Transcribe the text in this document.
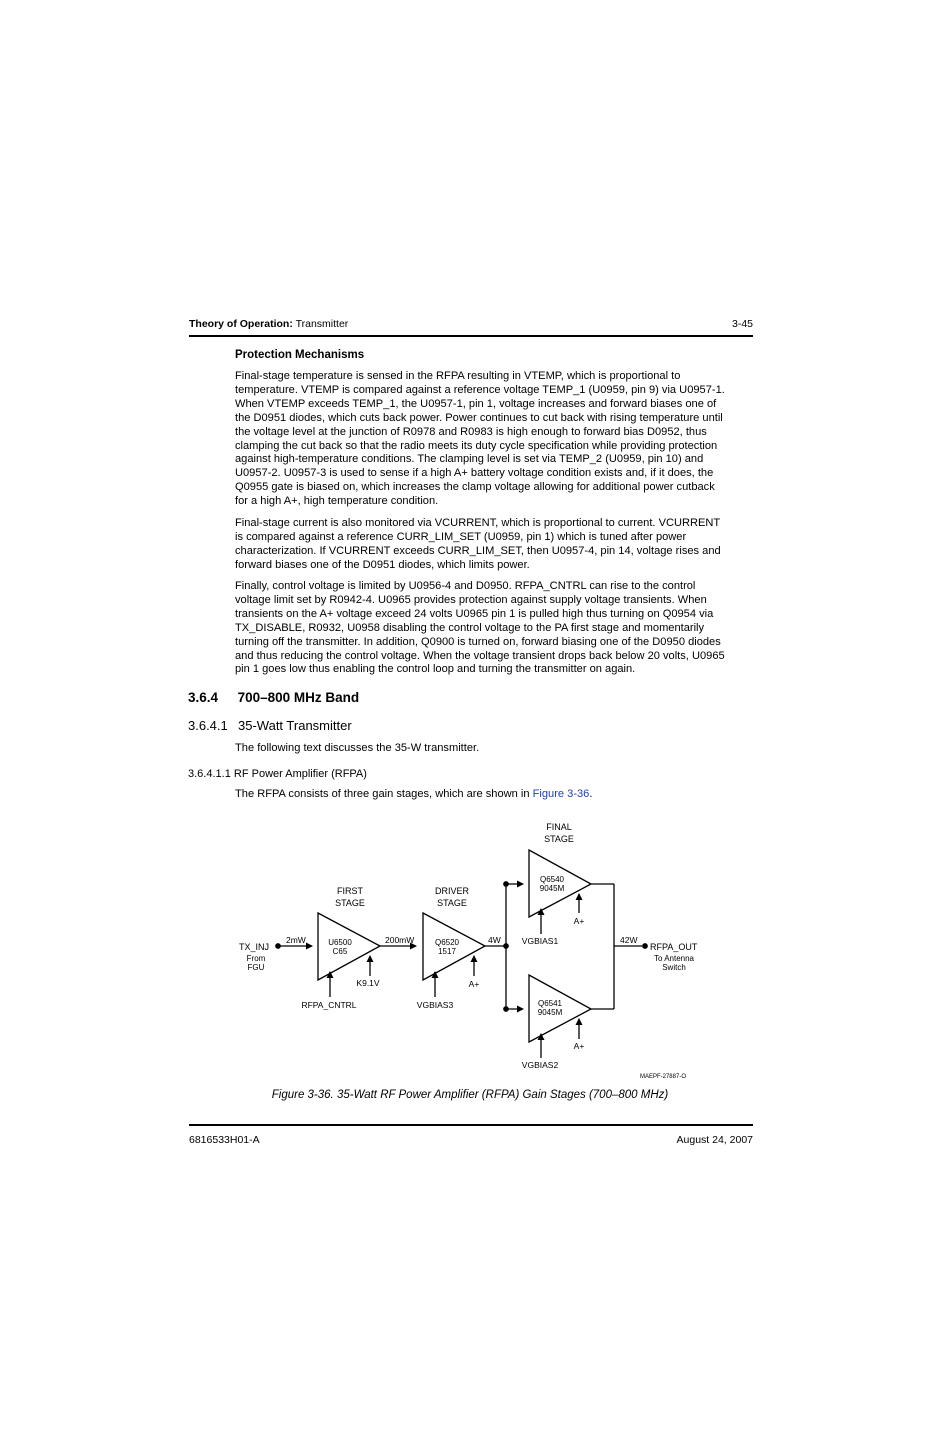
Theory of Operation: Transmitter	3-45
Protection Mechanisms
Final-stage temperature is sensed in the RFPA resulting in VTEMP, which is proportional to
temperature. VTEMP is compared against a reference voltage TEMP_1 (U0959, pin 9) via U0957-1.
When VTEMP exceeds TEMP_1, the U0957-1, pin 1, voltage increases and forward biases one of
the D0951 diodes, which cuts back power. Power continues to cut back with rising temperature until
the voltage level at the junction of R0978 and R0983 is high enough to forward bias D0952, thus
clamping the cut back so that the radio meets its duty cycle specification while providing protection
against high-temperature conditions. The clamping level is set via TEMP_2 (U0959, pin 10) and
U0957-2. U0957-3 is used to sense if a high A+ battery voltage condition exists and, if it does, the
Q0955 gate is biased on, which increases the clamp voltage allowing for additional power cutback
for a high A+, high temperature condition.
Final-stage current is also monitored via VCURRENT, which is proportional to current. VCURRENT
is compared against a reference CURR_LIM_SET (U0959, pin 1) which is tuned after power
characterization. If VCURRENT exceeds CURR_LIM_SET, then U0957-4, pin 14, voltage rises and
forward biases one of the D0951 diodes, which limits power.
Finally, control voltage is limited by U0956-4 and D0950. RFPA_CNTRL can rise to the control
voltage limit set by R0942-4. U0965 provides protection against supply voltage transients. When
transients on the A+ voltage exceed 24 volts U0965 pin 1 is pulled high thus turning on Q0954 via
TX_DISABLE, R0932, U0958 disabling the control voltage to the PA first stage and momentarily
turning off the transmitter. In addition, Q0900 is turned on, forward biasing one of the D0950 diodes
and thus reducing the control voltage. When the voltage transient drops back below 20 volts, U0965
pin 1 goes low thus enabling the control loop and turning the transmitter on again.
3.6.4 700–800 MHz Band
3.6.4.1 35-Watt Transmitter
The following text discusses the 35-W transmitter.
3.6.4.1.1 RF Power Amplifier (RFPA)
The RFPA consists of three gain stages, which are shown in Figure 3-36.
FINAL
STAGE
FIRST
STAGE
DRIVER
STAGE
U6500
C65
Q6520
1517
Q6540
9045M
Q6541
9045M
TX_INJ
From
FGU
2mW	200mW	4W	42W
RFPA_OUT
To Antenna
Switch
RFPA_CNTRL
K9.1V
VGBIAS3
A+
VGBIAS1
A+
VGBIAS2
A+
MAEPF-27887-O
Figure 3-36. 35-Watt RF Power Amplifier (RFPA) Gain Stages (700–800 MHz)
6816533H01-A	August 24, 2007
